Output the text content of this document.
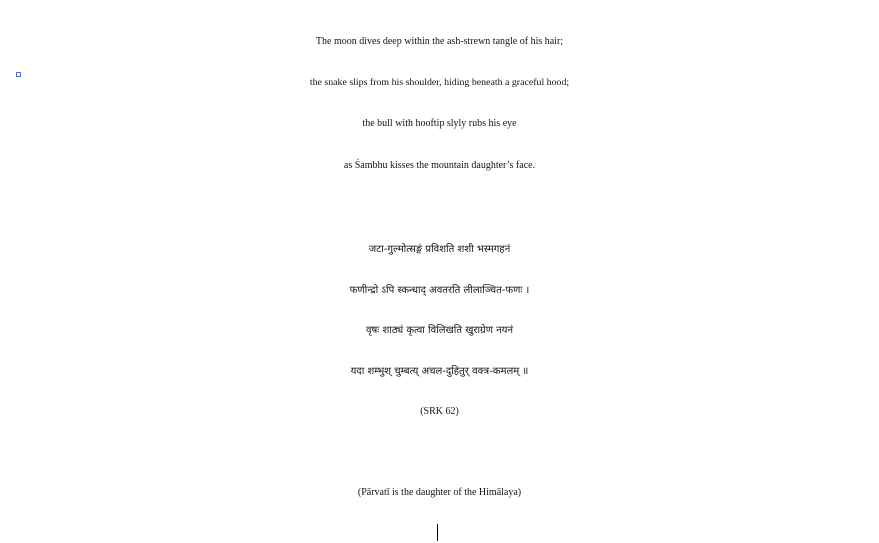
The moon dives deep within the ash-strewn tangle of his hair;
the snake slips from his shoulder, hiding beneath a graceful hood;
the bull with hooftip slyly rubs his eye
as Śambhu kisses the mountain daughter’s face.
जटा-गुल्मोत्सङ्गं प्रविशति शशी भस्मगहनं
फणीन्द्रो ऽपि स्कन्धाद् अवतरति लीलाञ्चित-फणः ।
वृषः शाठ्यं कृत्वा विलिखति खुराग्रेण नयनं
यदा शम्भुश् चुम्बत्य् अचल-दुहितुर् वक्त्र-कमलम् ॥
(SRK 62)
(Pārvatī is the daughter of the Himālaya)
